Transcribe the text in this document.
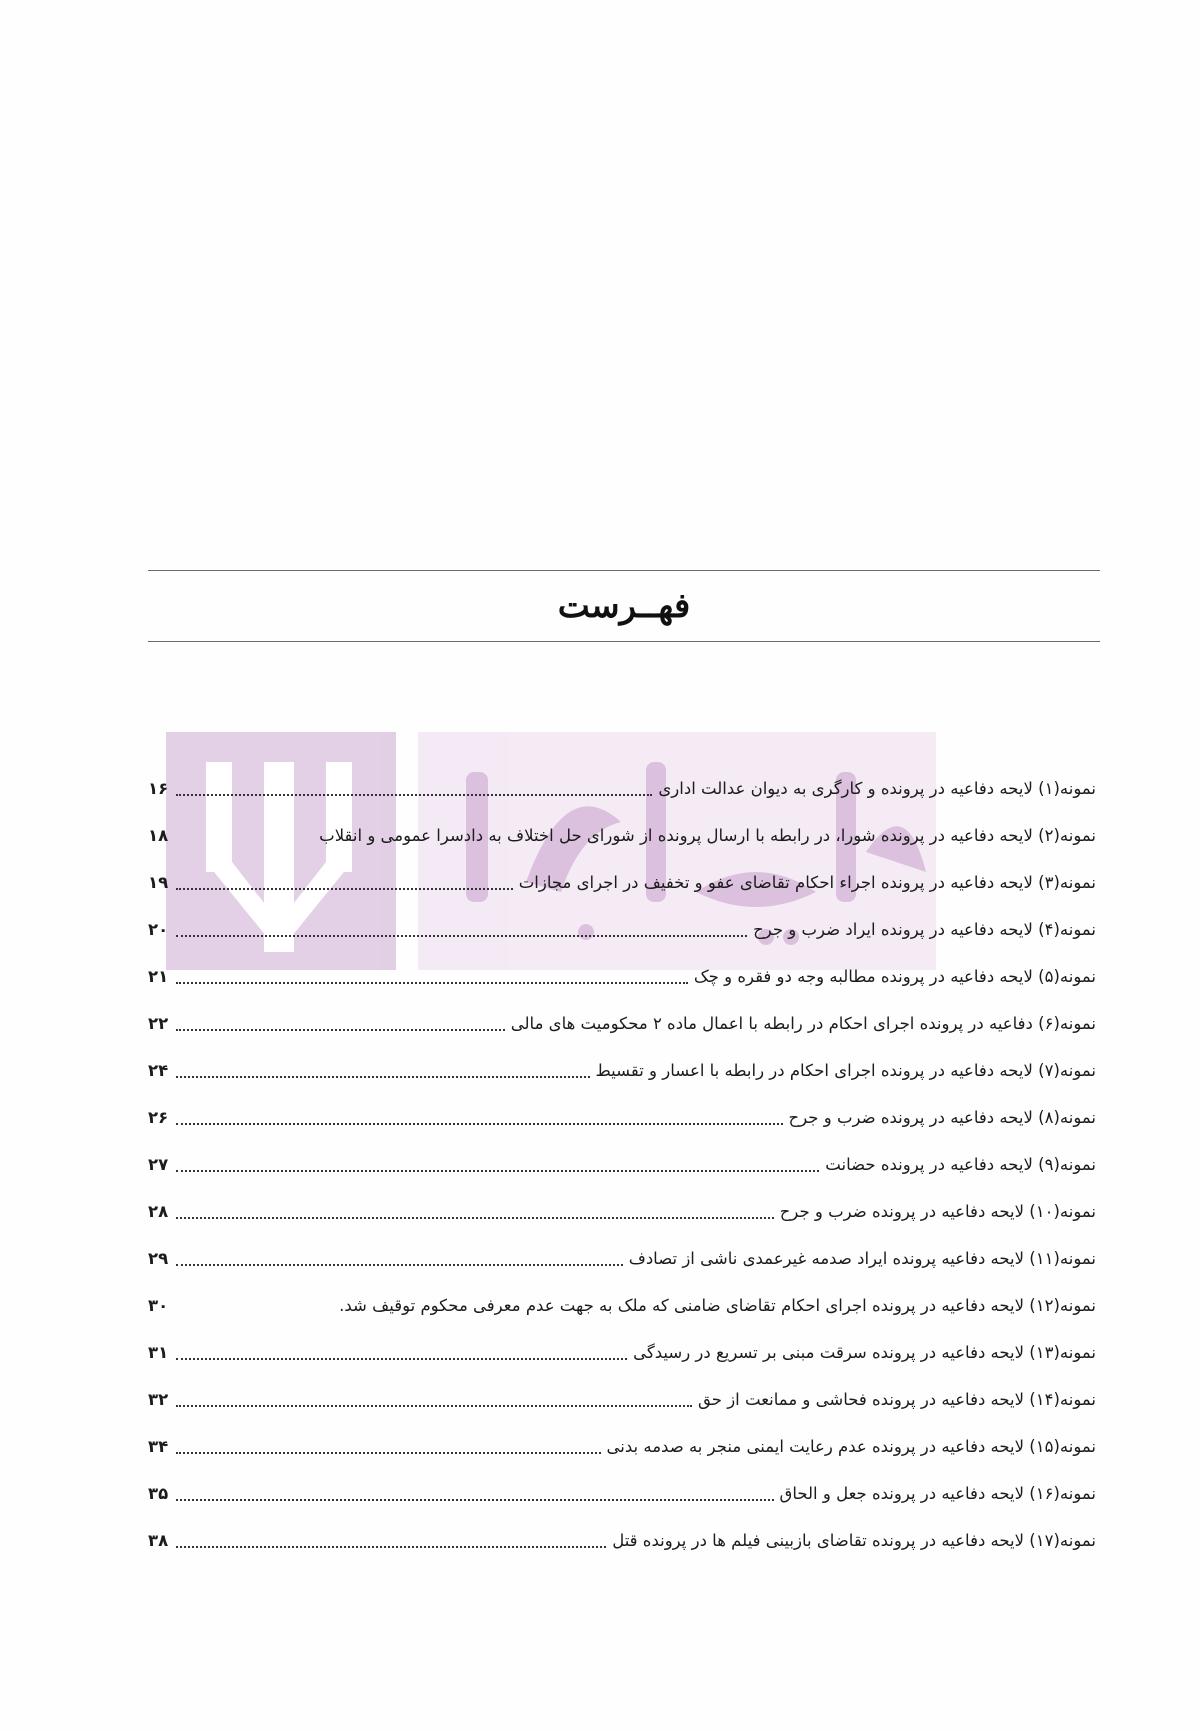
فهــرست
نمونه(۱) لایحه دفاعیه در پرونده و کارگری به دیوان عدالت اداری
۱۶
نمونه(۲) لایحه دفاعیه در پرونده شورا، در رابطه با ارسال پرونده از شورای حل اختلاف به دادسرا عمومی و انقلاب
۱۸
نمونه(۳) لایحه دفاعیه در پرونده اجراء احکام تقاضای عفو و تخفیف در اجرای مجازات
۱۹
نمونه(۴) لایحه دفاعیه در پرونده ایراد ضرب و جرح
۲۰
نمونه(۵) لایحه دفاعیه در پرونده مطالبه وجه دو فقره و چک
۲۱
نمونه(۶) دفاعیه در پرونده اجرای احکام در رابطه با اعمال ماده ۲ محکومیت های مالی
۲۲
نمونه(۷) لایحه دفاعیه در پرونده اجرای احکام در رابطه با اعسار و تقسیط
۲۴
نمونه(۸) لایحه دفاعیه در پرونده ضرب و جرح
۲۶
نمونه(۹) لایحه دفاعیه در پرونده حضانت
۲۷
نمونه(۱۰) لایحه دفاعیه در پرونده ضرب و جرح
۲۸
نمونه(۱۱) لایحه دفاعیه پرونده ایراد صدمه غیرعمدی ناشی از تصادف
۲۹
نمونه(۱۲) لایحه دفاعیه در پرونده اجرای احکام تقاضای ضامنی که ملک به جهت عدم معرفی محکوم توقیف شد.
۳۰
نمونه(۱۳) لایحه دفاعیه در پرونده سرقت مبنی بر تسریع در رسیدگی
۳۱
نمونه(۱۴) لایحه دفاعیه در پرونده فحاشی و ممانعت از حق
۳۲
نمونه(۱۵) لایحه دفاعیه در پرونده عدم رعایت ایمنی منجر به صدمه بدنی
۳۴
نمونه(۱۶) لایحه دفاعیه در پرونده جعل و الحاق
۳۵
نمونه(۱۷) لایحه دفاعیه در پرونده تقاضای بازبینی فیلم ها در پرونده قتل
۳۸
